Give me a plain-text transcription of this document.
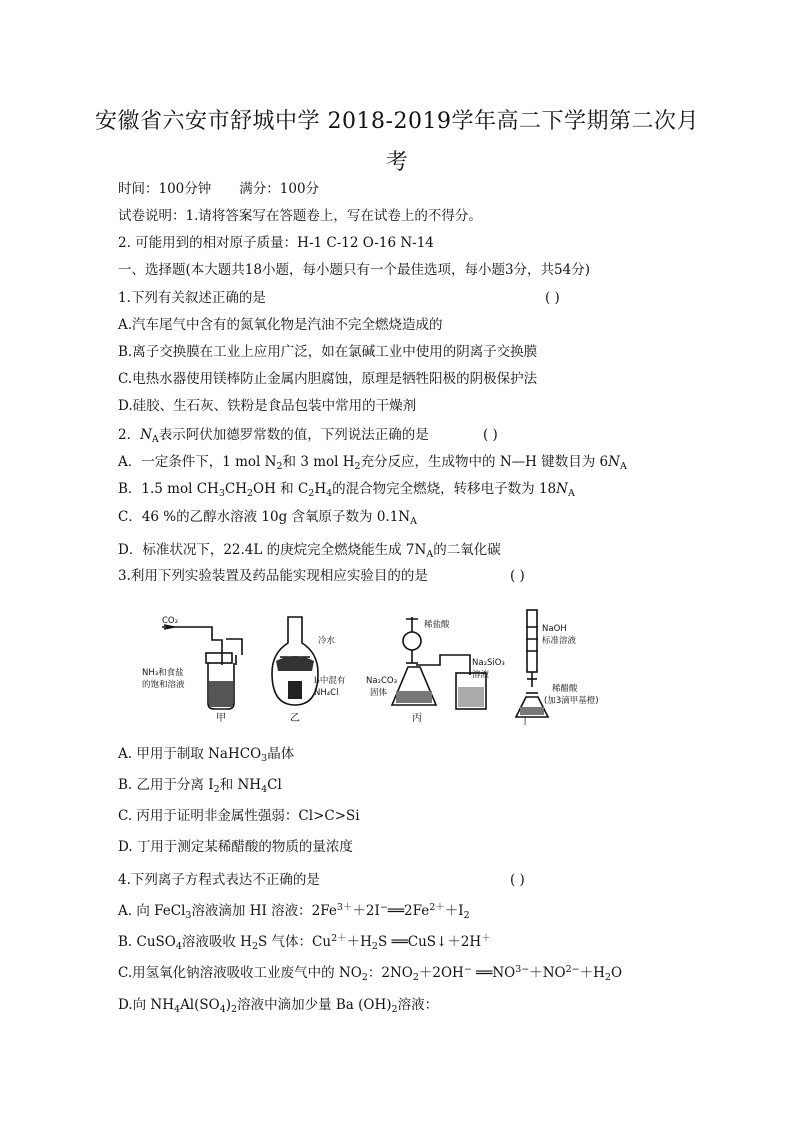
安徽省六安市舒城中学 2018-2019学年高二下学期第二次月
考
时间：100分钟 满分：100分
试卷说明：1.请将答案写在答题卷上，写在试卷上的不得分。
2. 可能用到的相对原子质量：H-1 C-12 O-16 N-14
一、选择题(本大题共18小题，每小题只有一个最佳选项，每小题3分，共54分)
1.下列有关叙述正确的是	( )
A.汽车尾气中含有的氮氧化物是汽油不完全燃烧造成的
B.离子交换膜在工业上应用广泛，如在氯碱工业中使用的阴离子交换膜
C.电热水器使用镁棒防止金属内胆腐蚀，原理是牺牲阳极的阴极保护法
D.硅胶、生石灰、铁粉是食品包装中常用的干燥剂
2．$N_A$表示阿伏加德罗常数的值，下列说法正确的是	( )
A．一定条件下，1 mol $N_2$和 3 mol $H_2$充分反应，生成物中的 N—H 键数目为 $6N_A$
B．1.5 mol $CH_3CH_2OH$ 和 $C_2H_4$的混合物完全燃烧，转移电子数为 $18N_A$
C．46 %的乙醇水溶液 10g 含氧原子数为 $0.1N_A$
D．标准状况下，22.4L 的庚烷完全燃烧能生成 $7N_A$的二氧化碳
3.利用下列实验装置及药品能实现相应实验目的的是	( )
CO₂
NH₃和食盐
的饱和溶液
甲
冷水
I₂中混有
NH₄Cl
乙
稀盐酸
Na₂CO₃
固体
Na₂SiO₃
溶液
丙
NaOH
标准溶液
稀醋酸
(加3滴甲基橙)
丁
A. 甲用于制取 NaHCO$_3$晶体
B. 乙用于分离 $I_2$和 $NH_4Cl$
C. 丙用于证明非金属性强弱：Cl>C>Si
D. 丁用于测定某稀醋酸的物质的量浓度
4.下列离子方程式表达不正确的是	( )
A. 向 FeCl$_3$溶液滴加 HI 溶液：$2Fe^{3+}+2I^-══2Fe^{2+}+I_2$
B. CuSO$_4$溶液吸收 $H_2S$ 气体：$Cu^{2+}+H_2S$ ══CuS↓＋2H＋
C.用氢氧化钠溶液吸收工业废气中的 $NO_2$：$2NO_2+2OH^-$ $══NO^{3-}+NO^{2-}+H_2O$
D.向 $NH_4Al(SO_4)_2$溶液中滴加少量 Ba $(OH)_2$溶液：
